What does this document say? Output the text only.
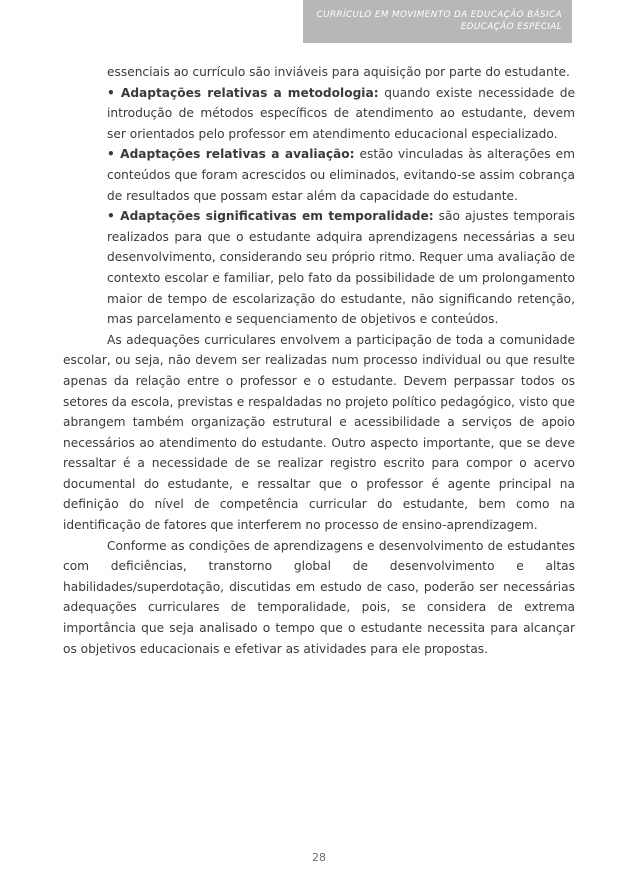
CURRÍCULO EM MOVIMENTO DA EDUCAÇÃO BÁSICA
EDUCAÇÃO ESPECIAL

essenciais ao currículo são inviáveis para aquisição por parte do estudante.

• Adaptações relativas a metodologia: quando existe necessidade de introdução de métodos específicos de atendimento ao estudante, devem ser orientados pelo professor em atendimento educacional especializado.

• Adaptações relativas a avaliação: estão vinculadas às alterações em conteúdos que foram acrescidos ou eliminados, evitando-se assim cobrança de resultados que possam estar além da capacidade do estudante.

• Adaptações significativas em temporalidade: são ajustes temporais realizados para que o estudante adquira aprendizagens necessárias a seu desenvolvimento, considerando seu próprio ritmo. Requer uma avaliação de contexto escolar e familiar, pelo fato da possibilidade de um prolongamento maior de tempo de escolarização do estudante, não significando retenção, mas parcelamento e sequenciamento de objetivos e conteúdos.

As adequações curriculares envolvem a participação de toda a comunidade escolar, ou seja, não devem ser realizadas num processo individual ou que resulte apenas da relação entre o professor e o estudante. Devem perpassar todos os setores da escola, previstas e respaldadas no projeto político pedagógico, visto que abrangem também organização estrutural e acessibilidade a serviços de apoio necessários ao atendimento do estudante. Outro aspecto importante, que se deve ressaltar é a necessidade de se realizar registro escrito para compor o acervo documental do estudante, e ressaltar que o professor é agente principal na definição do nível de competência curricular do estudante, bem como na identificação de fatores que interferem no processo de ensino-aprendizagem.

Conforme as condições de aprendizagens e desenvolvimento de estudantes com deficiências, transtorno global de desenvolvimento e altas habilidades/superdotação, discutidas em estudo de caso, poderão ser necessárias adequações curriculares de temporalidade, pois, se considera de extrema importância que seja analisado o tempo que o estudante necessita para alcançar os objetivos educacionais e efetivar as atividades para ele propostas.

28
